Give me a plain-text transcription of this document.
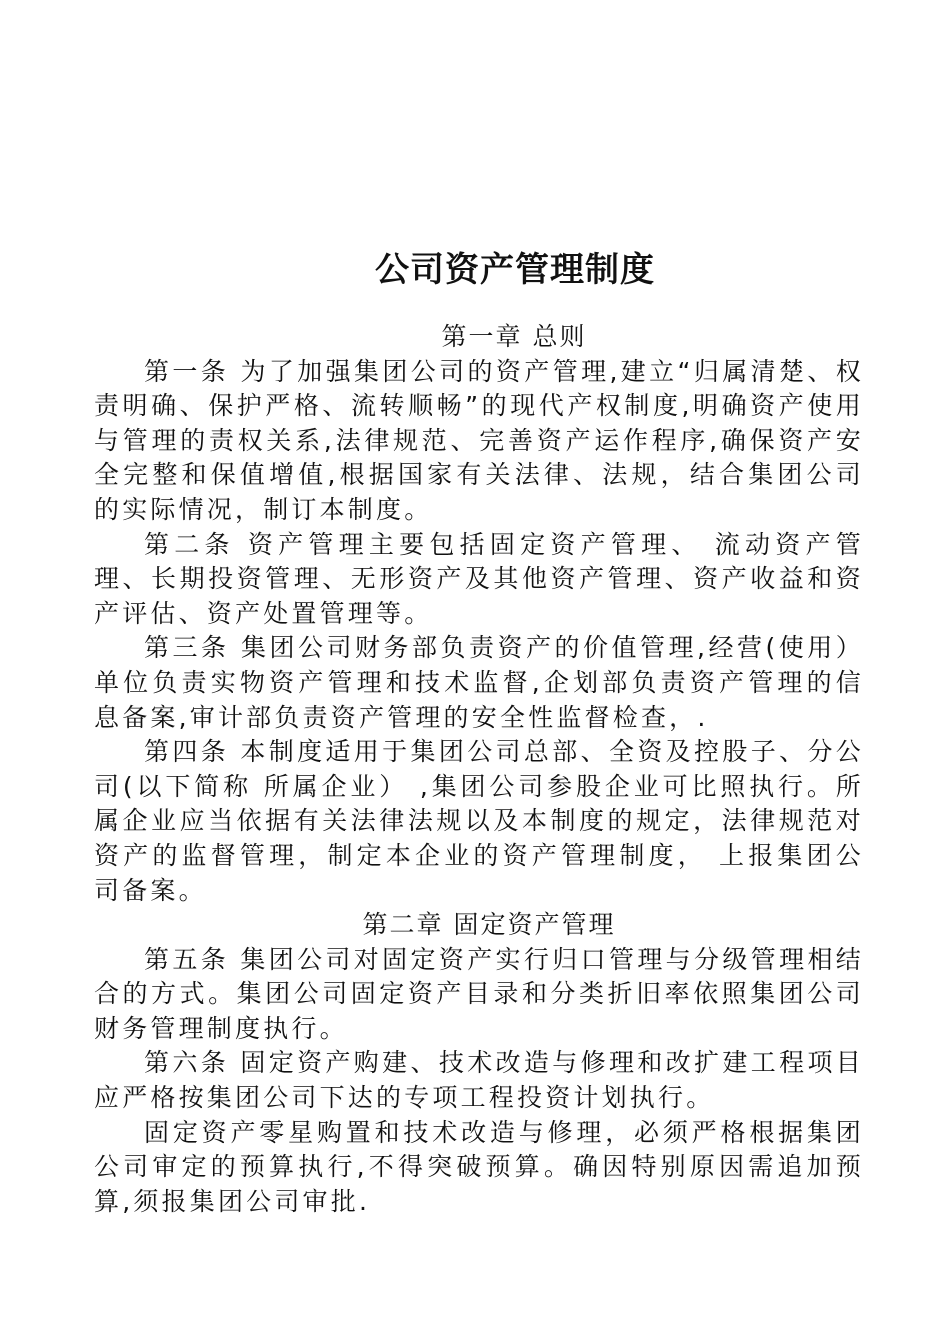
公司资产管理制度

第一章 总则

第一条 为了加强集团公司的资产管理,建立“归属清楚、权责明确、保护严格、流转顺畅”的现代产权制度,明确资产使用与管理的责权关系,法律规范、完善资产运作程序,确保资产安全完整和保值增值,根据国家有关法律、法规，结合集团公司的实际情况，制订本制度。

第二条 资产管理主要包括固定资产管理、 流动资产管理、长期投资管理、无形资产及其他资产管理、资产收益和资产评估、资产处置管理等。

第三条 集团公司财务部负责资产的价值管理,经营(使用）单位负责实物资产管理和技术监督,企划部负责资产管理的信息备案,审计部负责资产管理的安全性监督检查，.

第四条 本制度适用于集团公司总部、全资及控股子、分公司(以下简称 所属企业） ,集团公司参股企业可比照执行。所属企业应当依据有关法律法规以及本制度的规定，法律规范对资产的监督管理，制定本企业的资产管理制度， 上报集团公司备案。

第二章 固定资产管理

第五条 集团公司对固定资产实行归口管理与分级管理相结合的方式。集团公司固定资产目录和分类折旧率依照集团公司财务管理制度执行。

第六条 固定资产购建、技术改造与修理和改扩建工程项目应严格按集团公司下达的专项工程投资计划执行。

固定资产零星购置和技术改造与修理，必须严格根据集团公司审定的预算执行,不得突破预算。确因特别原因需追加预算,须报集团公司审批.
